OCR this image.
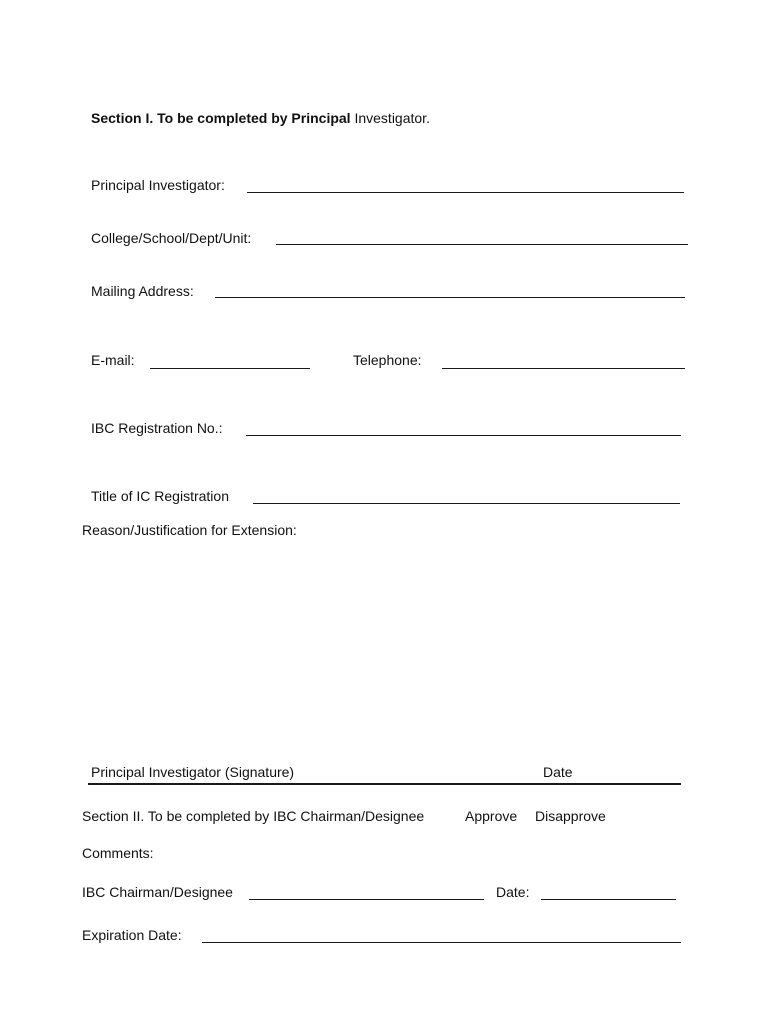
Section I. To be completed by Principal Investigator.
Principal Investigator:
College/School/Dept/Unit:
Mailing Address:
E-mail:	Telephone:
IBC Registration No.:
Title of IC Registration
Reason/Justification for Extension:
Principal Investigator (Signature)	Date
Section II. To be completed by IBC Chairman/Designee	Approve Disapprove
Comments:
IBC Chairman/Designee	Date:
Expiration Date:
